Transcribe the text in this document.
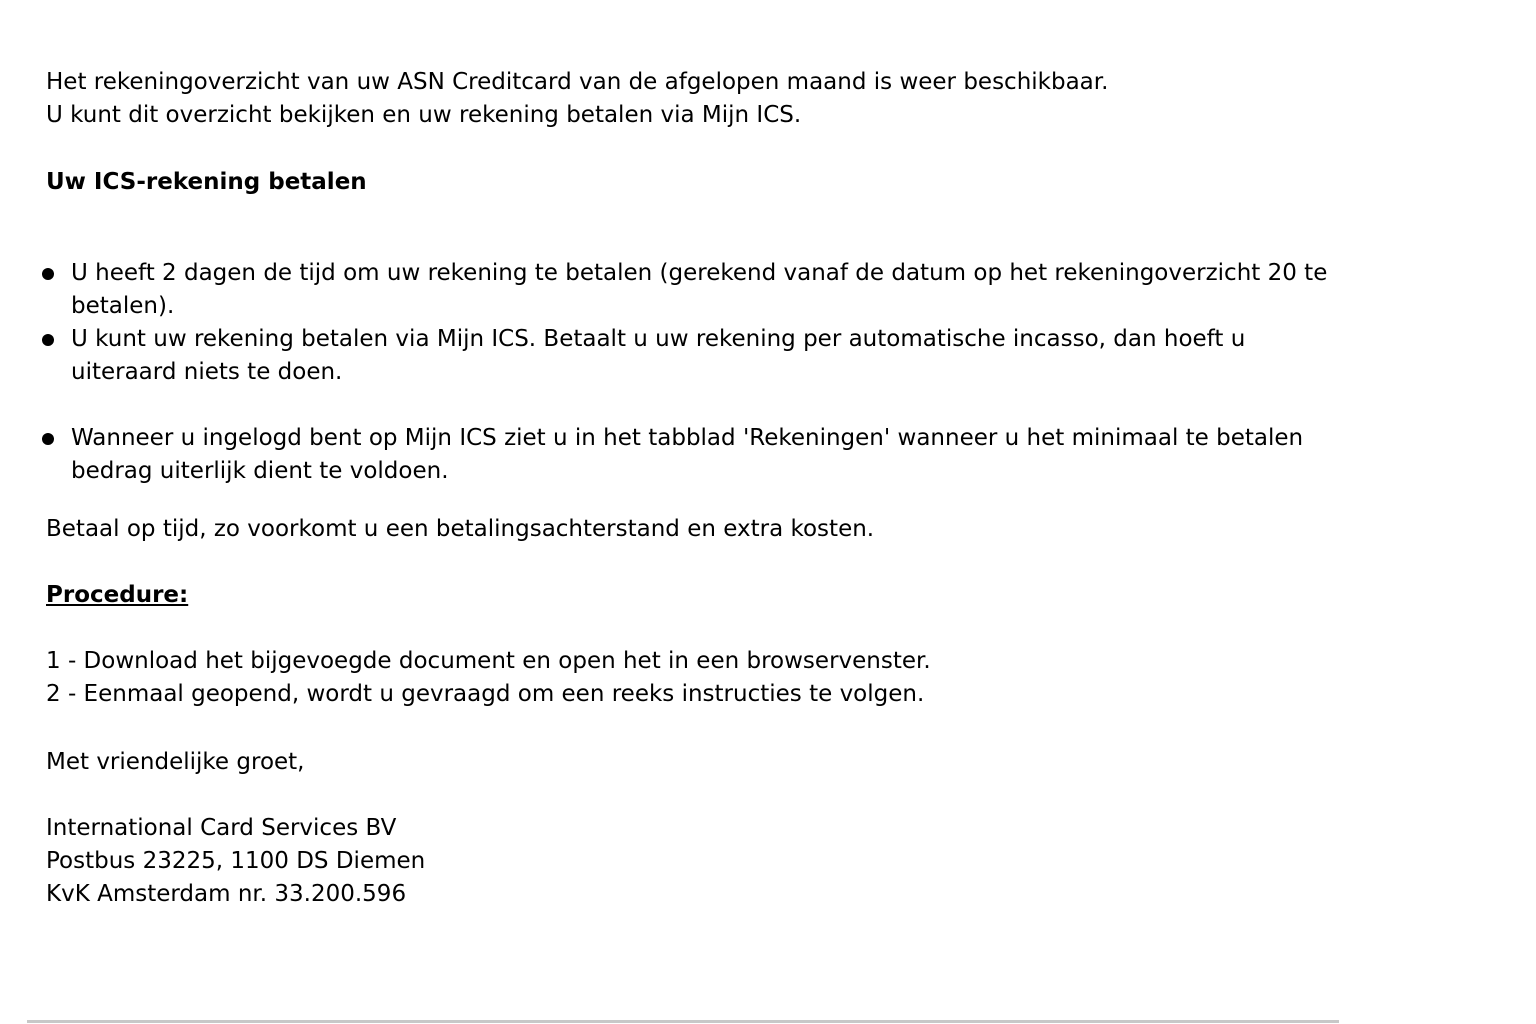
Het rekeningoverzicht van uw ASN Creditcard van de afgelopen maand is weer beschikbaar.

U kunt dit overzicht bekijken en uw rekening betalen via Mijn ICS.

Uw ICS-rekening betalen

U heeft 2 dagen de tijd om uw rekening te betalen (gerekend vanaf de datum op het rekeningoverzicht 20 te betalen).
U kunt uw rekening betalen via Mijn ICS. Betaalt u uw rekening per automatische incasso, dan hoeft u uiteraard niets te doen.
Wanneer u ingelogd bent op Mijn ICS ziet u in het tabblad 'Rekeningen' wanneer u het minimaal te betalen bedrag uiterlijk dient te voldoen.

Betaal op tijd, zo voorkomt u een betalingsachterstand en extra kosten.

Procedure:

1 - Download het bijgevoegde document en open het in een browservenster.

2 - Eenmaal geopend, wordt u gevraagd om een reeks instructies te volgen.

Met vriendelijke groet,

International Card Services BV

Postbus 23225, 1100 DS Diemen

KvK Amsterdam nr. 33.200.596
